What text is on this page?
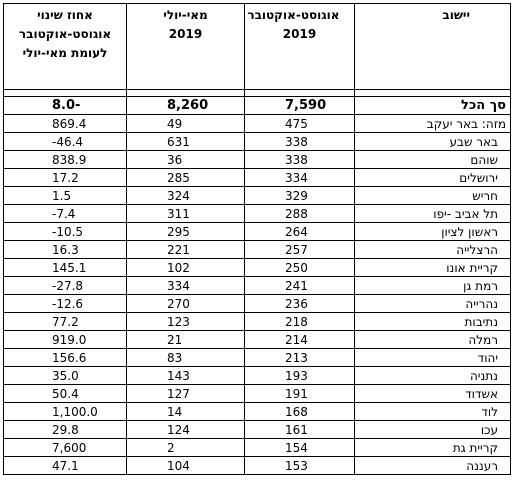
יישוב	אוגוסט-אוקטובר 2019	מאי-יולי 2019	אחוז שינוי אוגוסט-אוקטובר לעומת מאי-יולי

סך הכל	7,590	8,260	-8.0
מזה: באר יעקב	475	49	869.4
באר שבע	338	631	46.4-
שוהם	338	36	838.9
ירושלים	334	285	17.2
חריש	329	324	1.5
תל אביב -יפו	288	311	7.4-
ראשון לציון	264	295	10.5-
הרצלייה	257	221	16.3
קריית אונו	250	102	145.1
רמת גן	241	334	27.8-
נהרייה	236	270	12.6-
נתיבות	218	123	77.2
רמלה	214	21	919.0
יהוד	213	83	156.6
נתניה	193	143	35.0
אשדוד	191	127	50.4
לוד	168	14	1,100.0
עכו	161	124	29.8
קריית גת	154	2	7,600
רעננה	153	104	47.1
